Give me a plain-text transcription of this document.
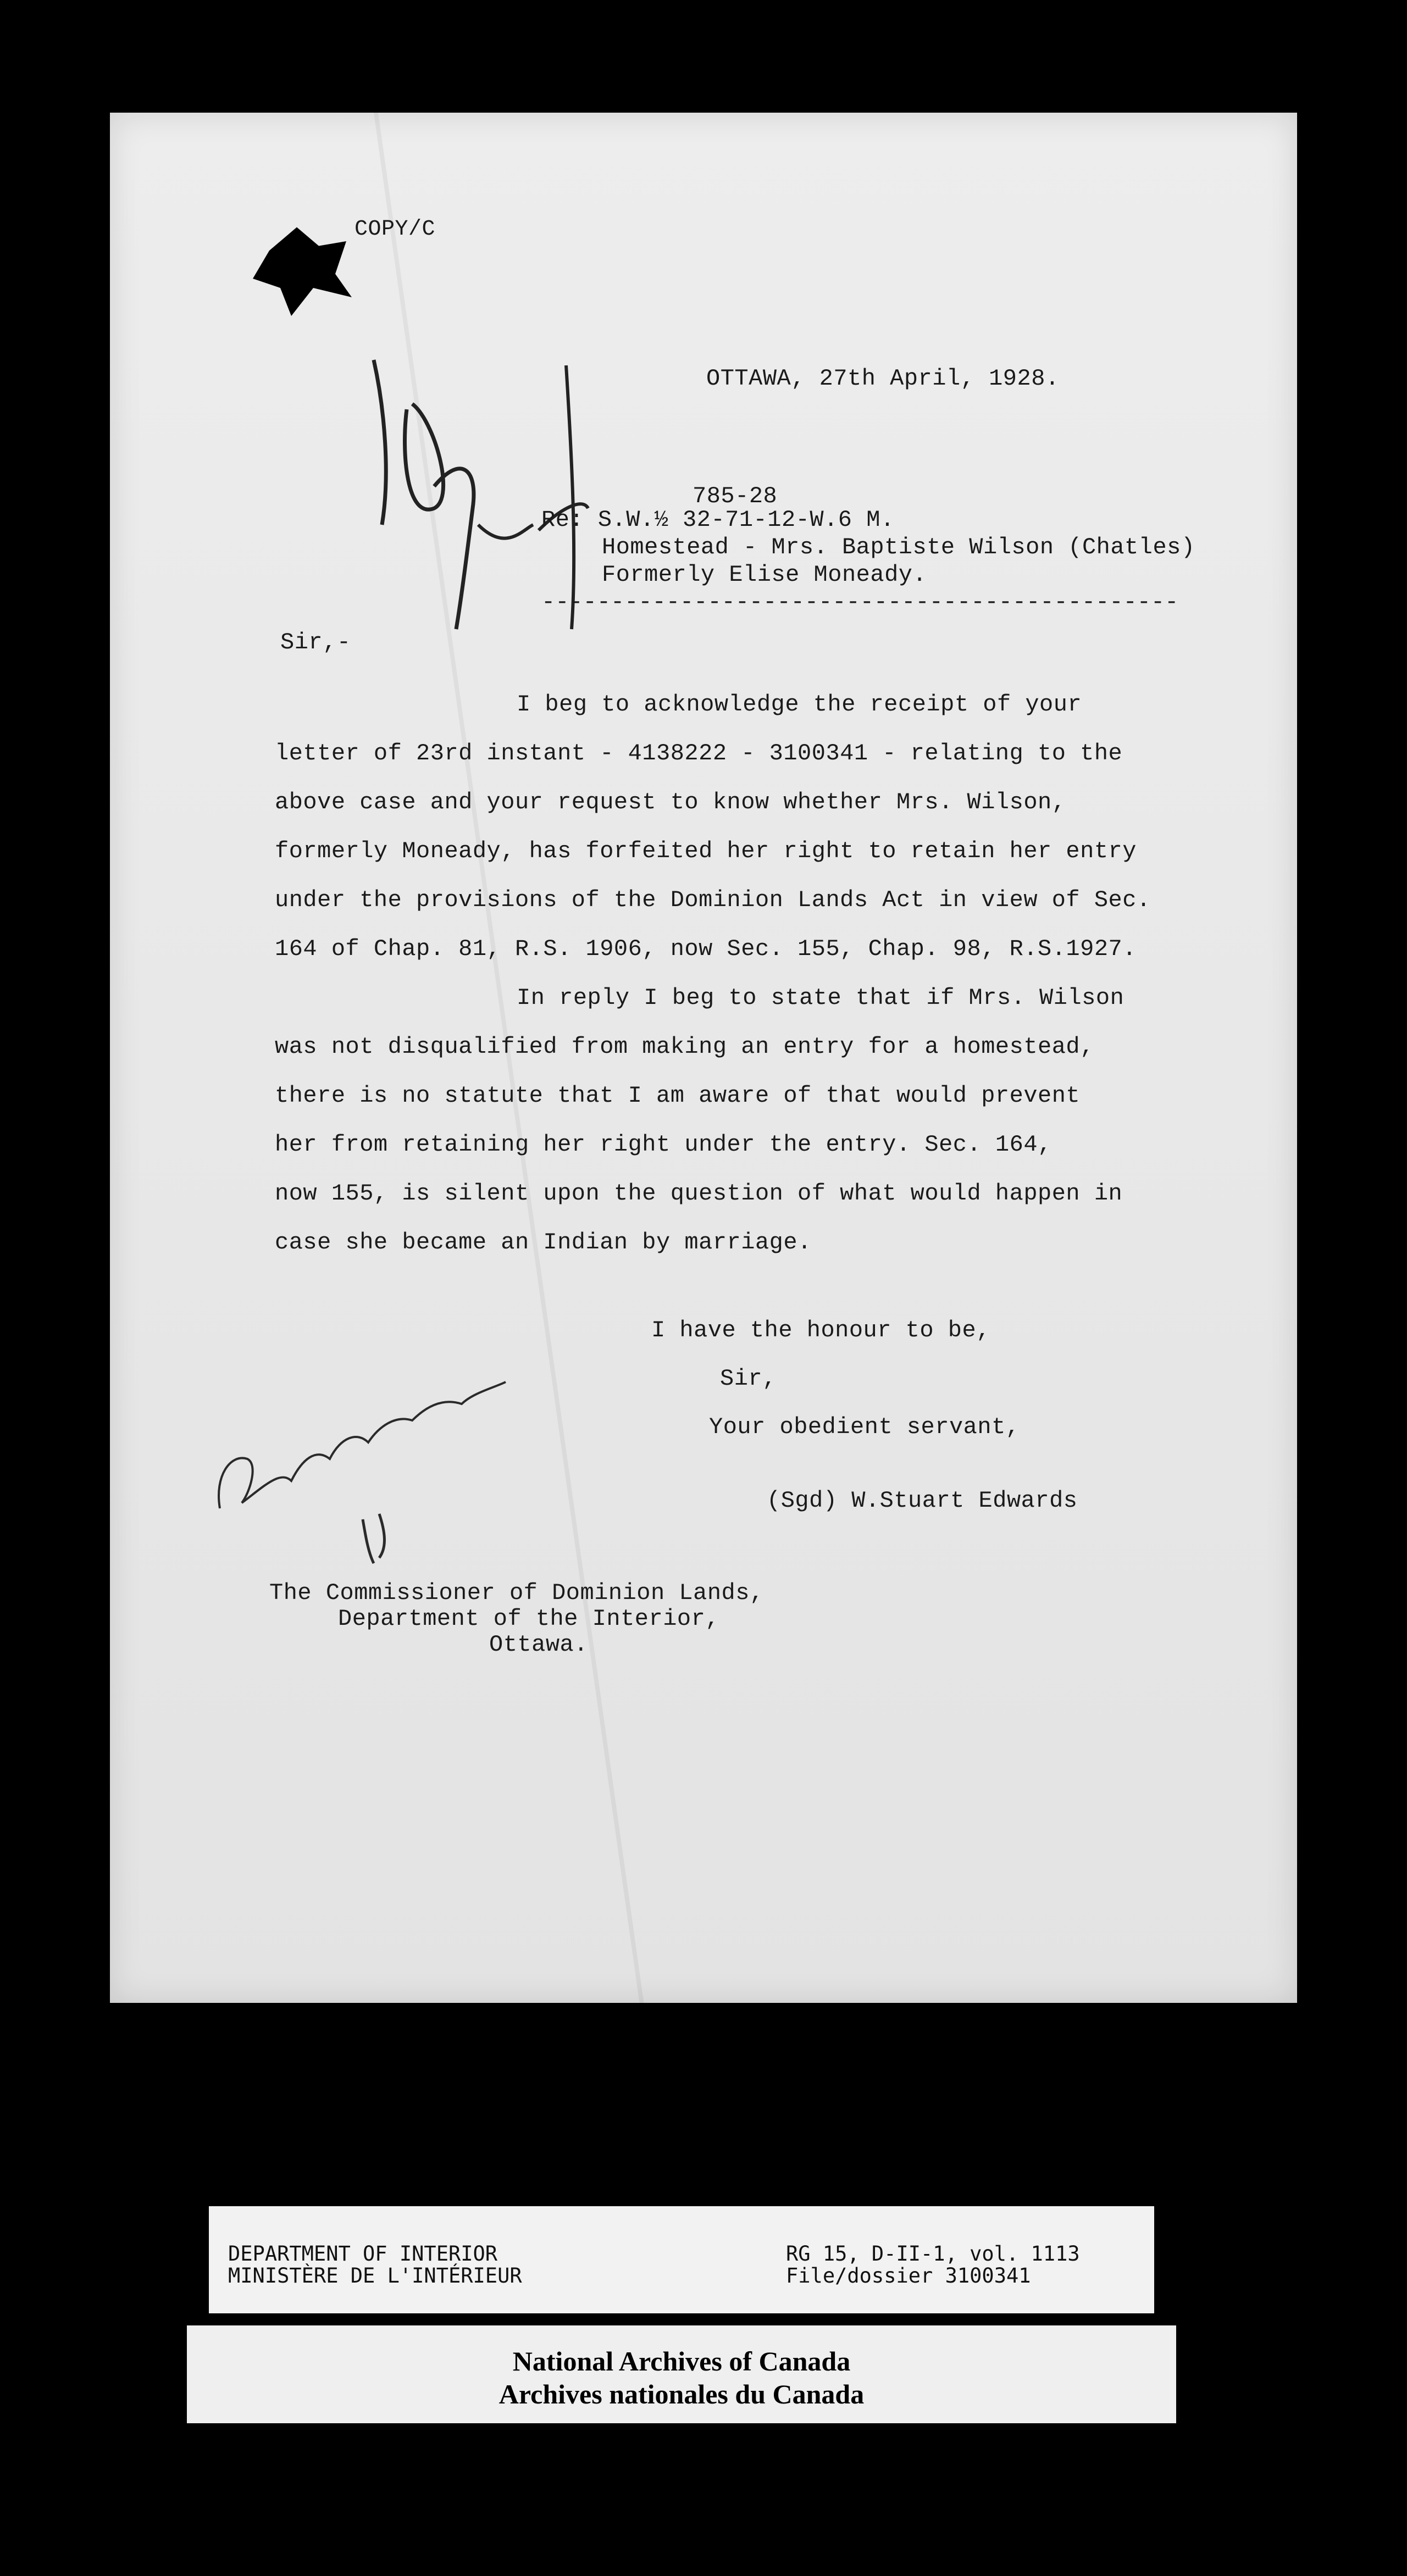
COPY/C
OTTAWA, 27th April, 1928.
785-28
Re: S.W.½ 32-71-12-W.6 M.
Homestead - Mrs. Baptiste Wilson (Chatles)
Formerly Elise Moneady.
----------------------------------------------
Sir,-
I beg to acknowledge the receipt of your
letter of 23rd instant - 4138222 - 3100341 - relating to the
above case and your request to know whether Mrs. Wilson,
formerly Moneady, has forfeited her right to retain her entry
under the provisions of the Dominion Lands Act in view of Sec.
164 of Chap. 81, R.S. 1906, now Sec. 155, Chap. 98, R.S.1927.
In reply I beg to state that if Mrs. Wilson
was not disqualified from making an entry for a homestead,
there is no statute that I am aware of that would prevent
her from retaining her right under the entry. Sec. 164,
now 155, is silent upon the question of what would happen in
case she became an Indian by marriage.
I have the honour to be,
Sir,
Your obedient servant,
(Sgd) W.Stuart Edwards
The Commissioner of Dominion Lands,
Department of the Interior,
Ottawa.
DEPARTMENT OF INTERIOR
MINISTÈRE DE L'INTÉRIEUR
RG 15, D-II-1, vol. 1113
File/dossier 3100341
National Archives of Canada
Archives nationales du Canada
